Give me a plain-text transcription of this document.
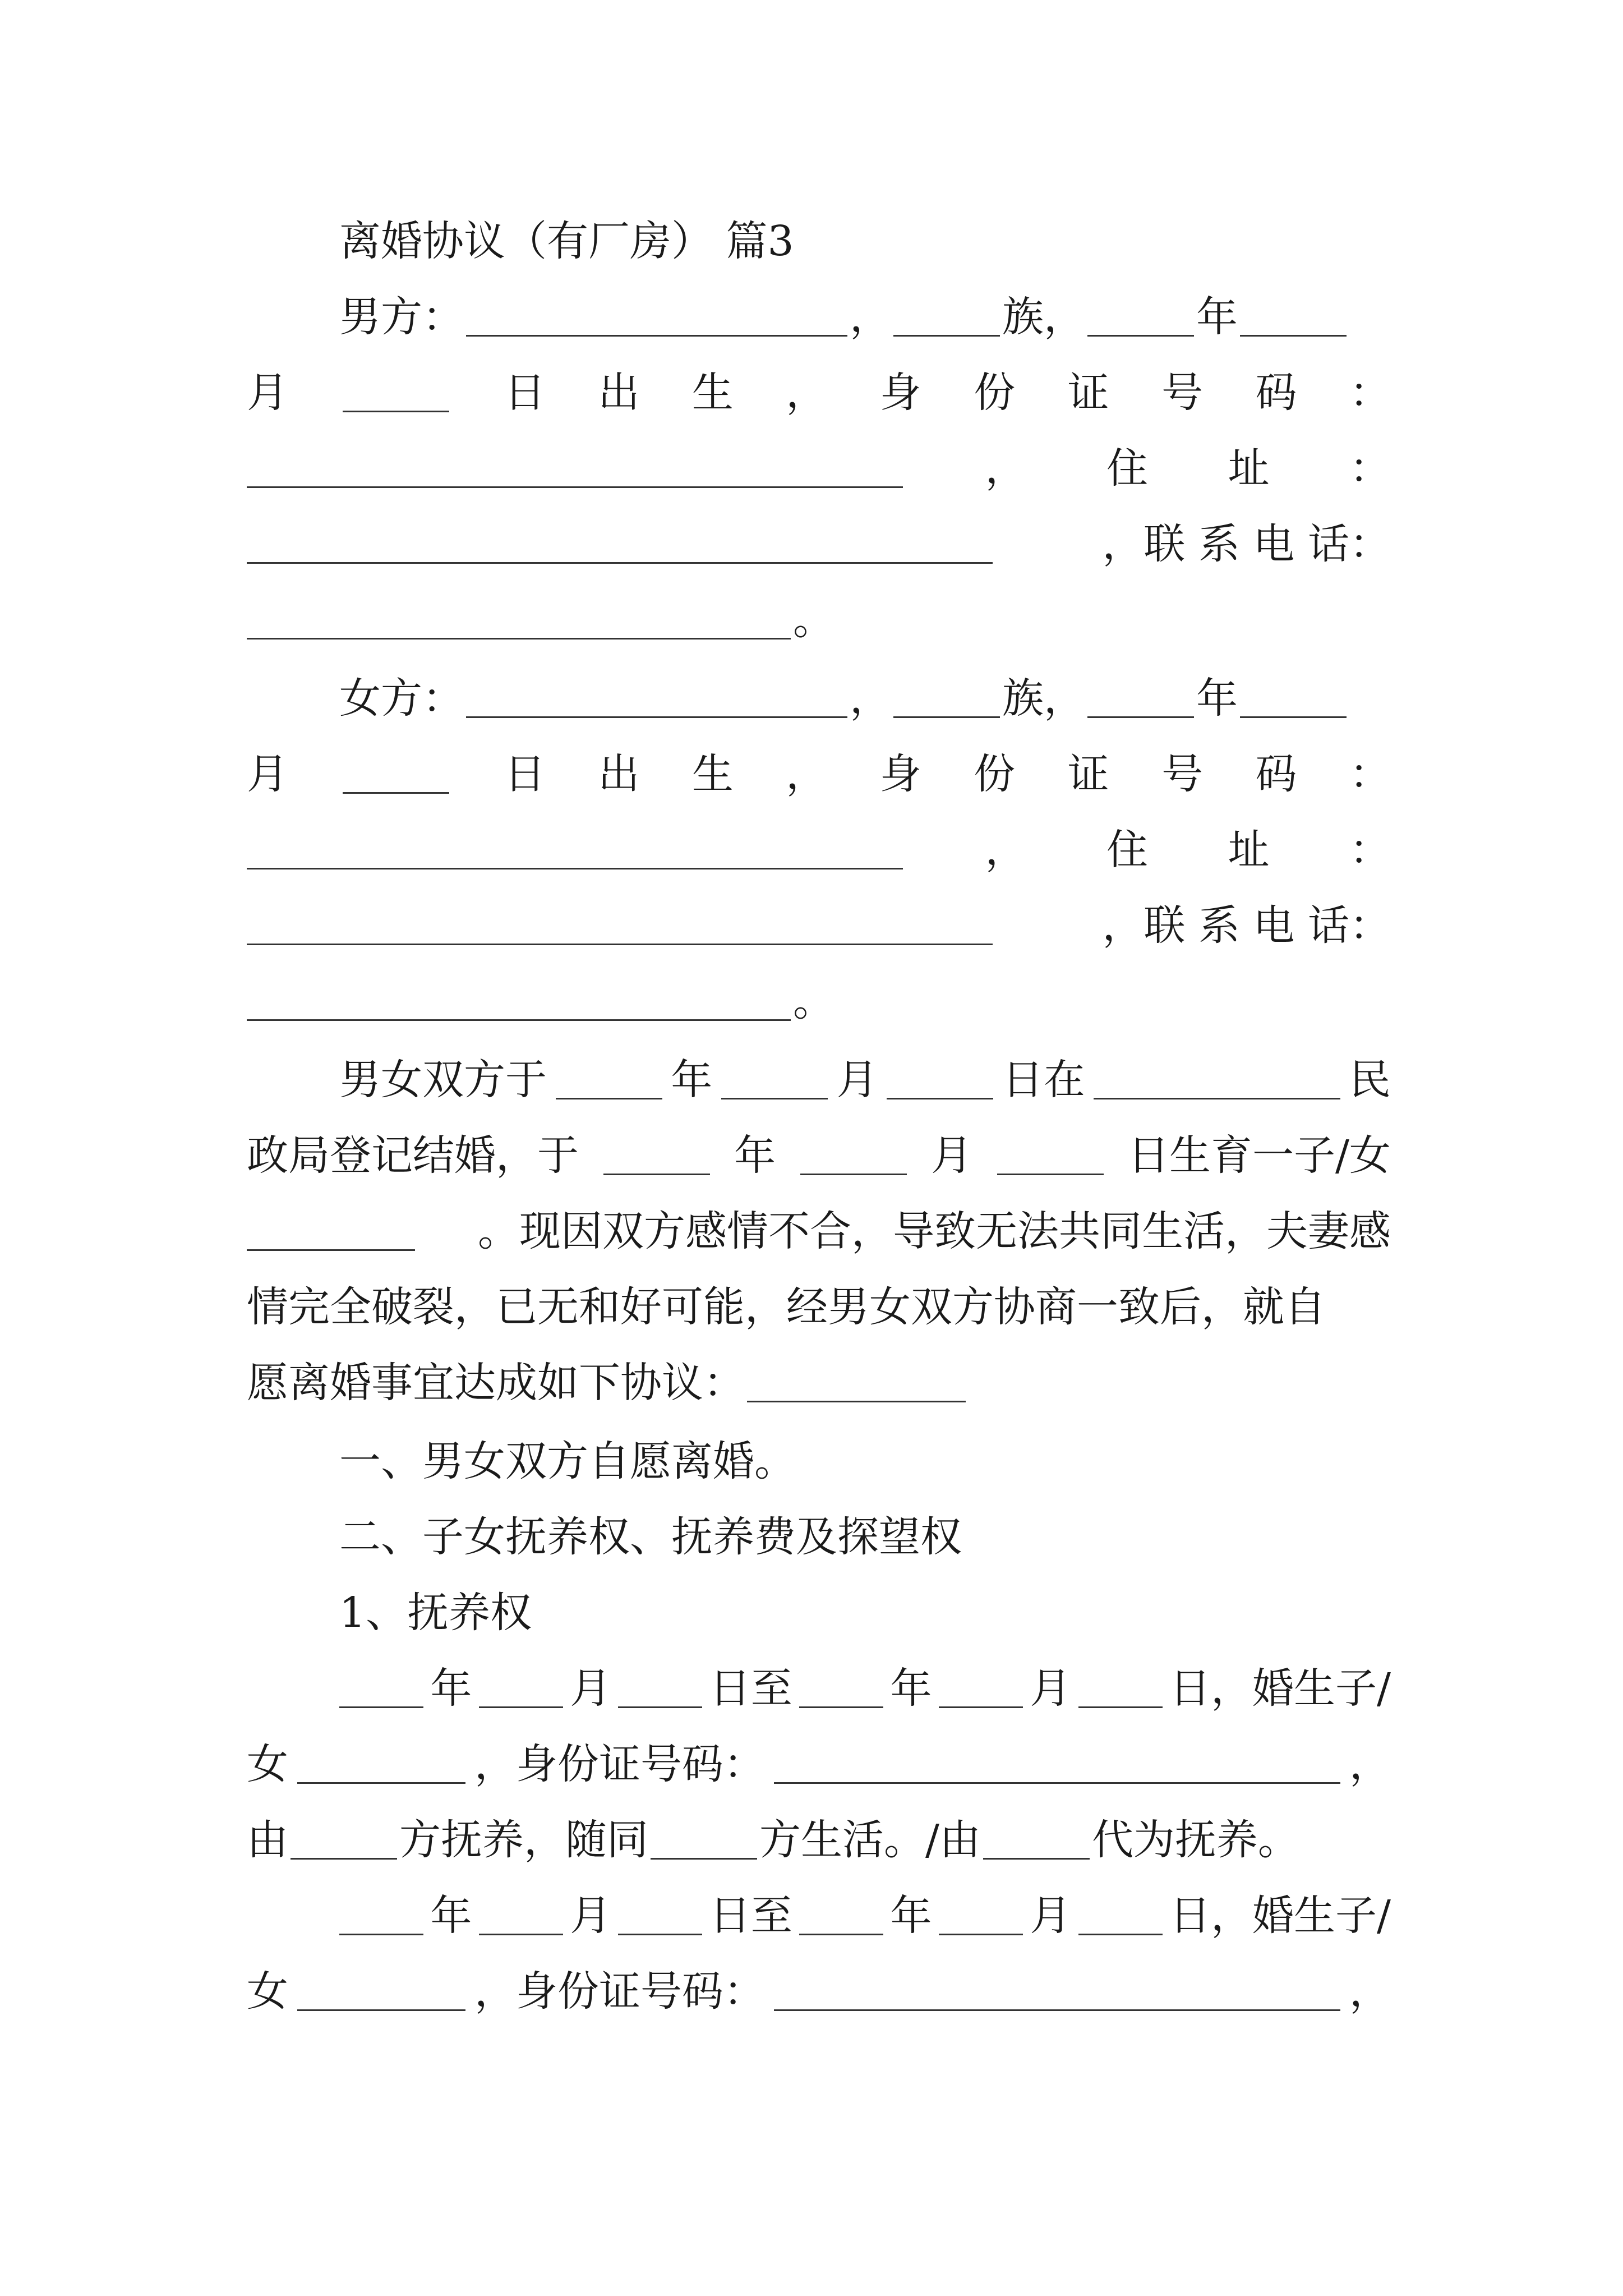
离婚协议（有厂房） 篇3
男方：	，	族，	年
月	日 出 生 ， 身 份 证 号 码 ：
， 住 址 ：
，联 系 电 话：
。
女方：	，	族，	年
月	日 出 生 ， 身 份 证 号 码 ：
， 住 址 ：
，联 系 电 话：
。
男女双方于	年	月	日在	民
政局登记结婚，于	年	月	日生育一子/女
。现因双方感情不合，导致无法共同生活，夫妻感
情完全破裂，已无和好可能，经男女双方协商一致后，就自
愿离婚事宜达成如下协议：
一、男女双方自愿离婚。
二、子女抚养权、抚养费及探望权
1、抚养权
年 月 日至 年 月 日，婚生子/
女	，身份证号码：	，
由	方抚养，随同	方生活。/由	代为抚养。
年 月 日至 年 月 日，婚生子/
女	，身份证号码：	，
